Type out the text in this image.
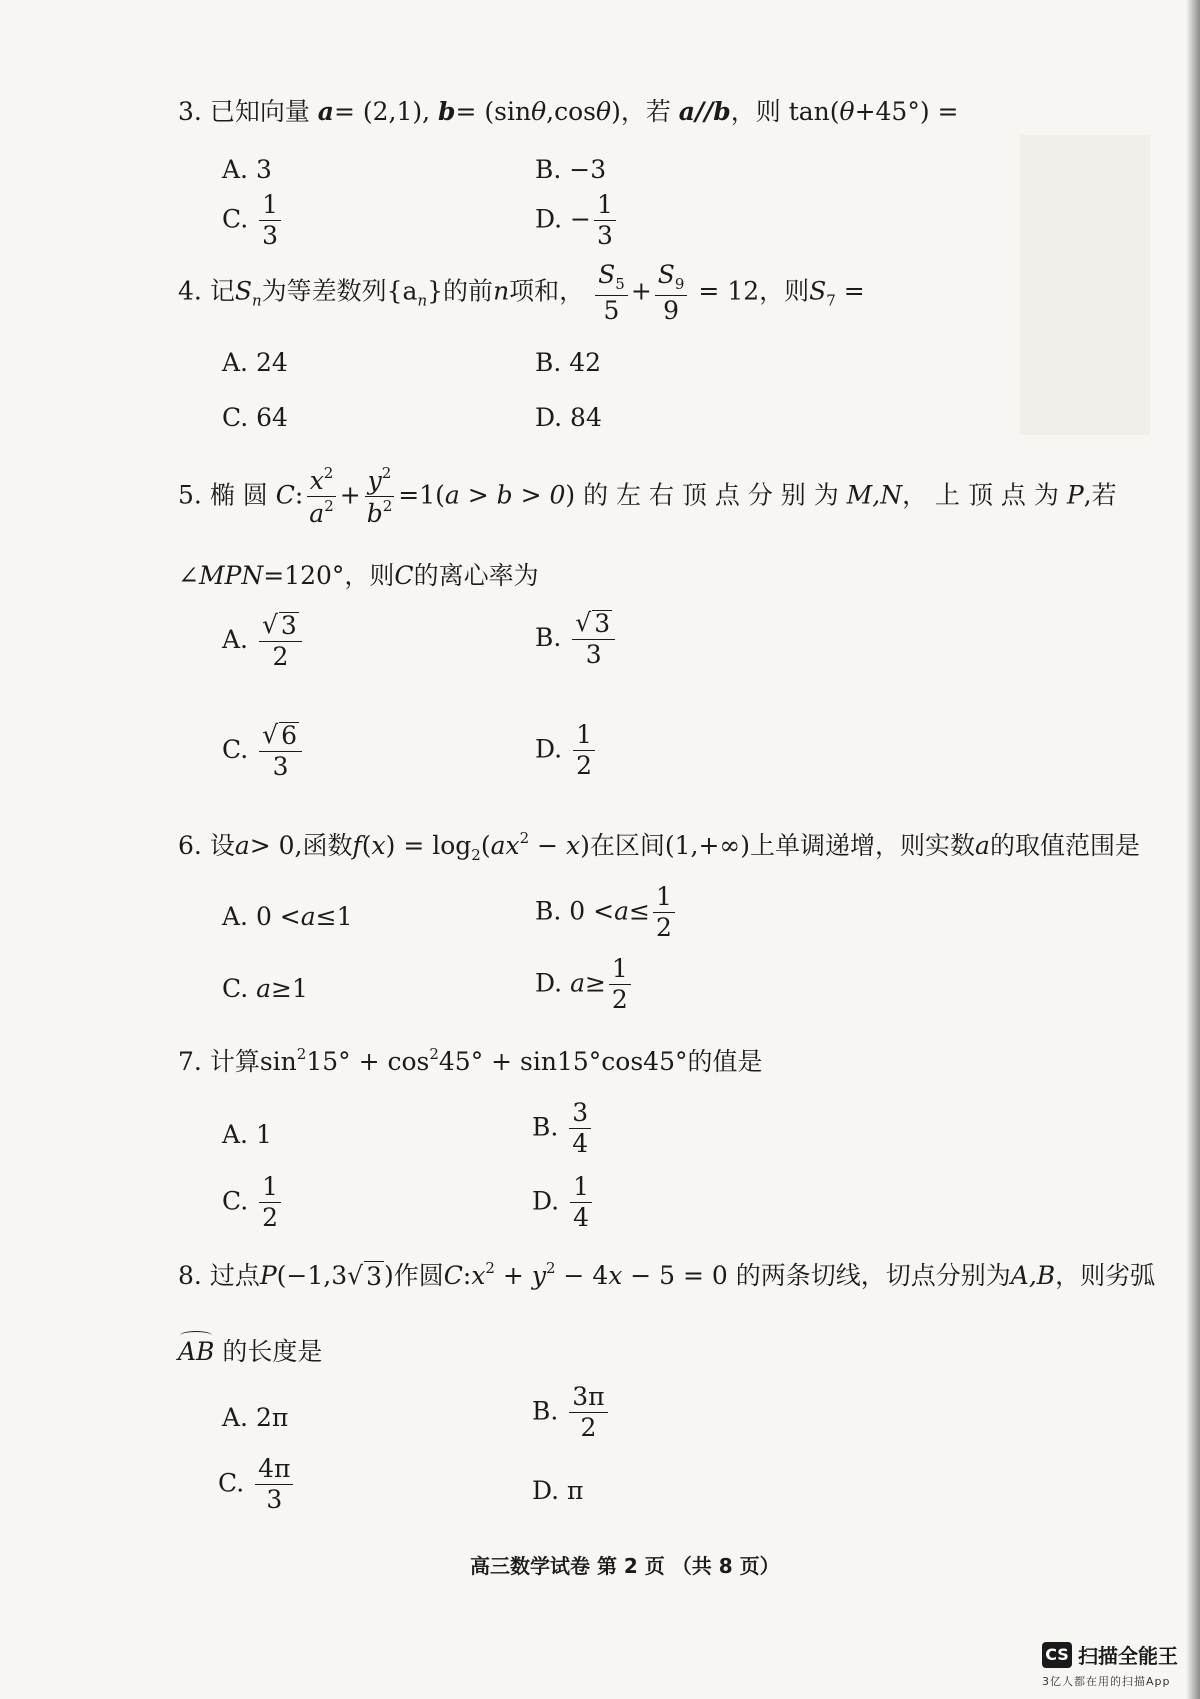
3. 已知向量 a= (2,1), b= (sinθ,cosθ)，若 a//b，则 tan(θ+45°) =
A. 3	B. −3
C. $\frac{1}{3}$	D. − $\frac{1}{3}$
4. 记$S_n$为等差数列$\{a_n\}$的前n项和， $\frac{S_5}{5} + \frac{S_9}{9} = 12$，则$S_7$ =
A. 24	B. 42
C. 64	D. 84
5. 椭 圆 C: $\frac{x^2}{a^2} + \frac{y^2}{b^2} =1(a > b > 0)$ 的 左 右 顶 点 分 别 为 M,N， 上 顶 点 为 P,若
∠MPN=120°，则C的离心率为
A. $\frac{√ 3}{2}$	B. $\frac{√ 3}{3}$
C. $\frac{√ 6}{3}$	D. $\frac{1}{2}$
6. 设a> 0,函数$f(x) = \log_2(ax^2 - x)$在区间(1,+∞)上单调递增，则实数a的取值范围是
A. 0 <a≤1	B. $0 <a\le \frac{1}{2}$
C. a≥1	D. $a\ge \frac{1}{2}$
7. 计算$\sin^215^\circ + \cos^245^\circ + \sin 15^\circ\cos 45^\circ$的值是
A. 1	B. $\frac{3}{4}$
C. $\frac{1}{2}$	D. $\frac{1}{4}$
8. 过点P(−1,3√ 3 )作圆$C:x^2 + y^2 - 4x - 5 = 0$ 的两条切线，切点分别为A,B，则劣弧
AB 的长度是
A. 2π	B. $\frac{3\pi}{2}$
C. $\frac{4\pi}{3}$	D. π
高三数学试卷 第 2 页 （共 8 页）
CS 扫描全能王
3亿人都在用的扫描App
